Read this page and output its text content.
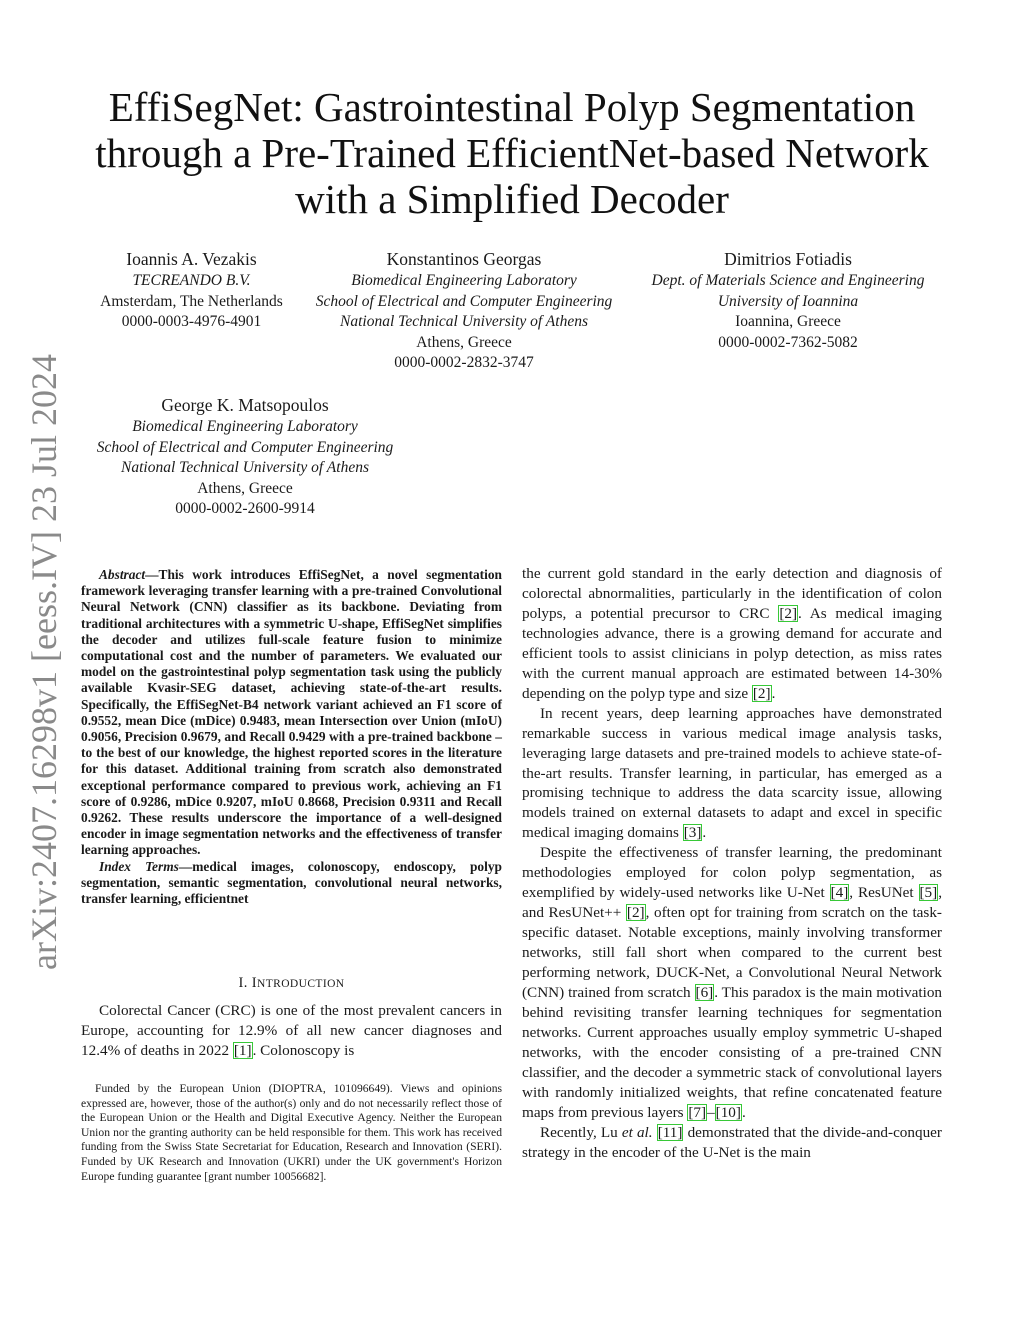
arXiv:2407.16298v1 [eess.IV] 23 Jul 2024
EffiSegNet: Gastrointestinal Polyp Segmentation
through a Pre-Trained EfficientNet-based Network
with a Simplified Decoder
Ioannis A. Vezakis
TECREANDO B.V.
Amsterdam, The Netherlands
0000-0003-4976-4901
Konstantinos Georgas
Biomedical Engineering Laboratory
School of Electrical and Computer Engineering
National Technical University of Athens
Athens, Greece
0000-0002-2832-3747
Dimitrios Fotiadis
Dept. of Materials Science and Engineering
University of Ioannina
Ioannina, Greece
0000-0002-7362-5082
George K. Matsopoulos
Biomedical Engineering Laboratory
School of Electrical and Computer Engineering
National Technical University of Athens
Athens, Greece
0000-0002-2600-9914

Abstract—This work introduces EffiSegNet, a novel segmentation framework leveraging transfer learning with a pre-trained Convolutional Neural Network (CNN) classifier as its backbone. Deviating from traditional architectures with a symmetric U-shape, EffiSegNet simplifies the decoder and utilizes full-scale feature fusion to minimize computational cost and the number of parameters. We evaluated our model on the gastrointestinal polyp segmentation task using the publicly available Kvasir-SEG dataset, achieving state-of-the-art results. Specifically, the EffiSegNet-B4 network variant achieved an F1 score of 0.9552, mean Dice (mDice) 0.9483, mean Intersection over Union (mIoU) 0.9056, Precision 0.9679, and Recall 0.9429 with a pre-trained backbone – to the best of our knowledge, the highest reported scores in the literature for this dataset. Additional training from scratch also demonstrated exceptional performance compared to previous work, achieving an F1 score of 0.9286, mDice 0.9207, mIoU 0.8668, Precision 0.9311 and Recall 0.9262. These results underscore the importance of a well-designed encoder in image segmentation networks and the effectiveness of transfer learning approaches.

Index Terms—medical images, colonoscopy, endoscopy, polyp segmentation, semantic segmentation, convolutional neural networks, transfer learning, efficientnet

I. INTRODUCTION

Colorectal Cancer (CRC) is one of the most prevalent cancers in Europe, accounting for 12.9% of all new cancer diagnoses and 12.4% of deaths in 2022 [1]. Colonoscopy is

Funded by the European Union (DIOPTRA, 101096649). Views and opinions expressed are, however, those of the author(s) only and do not necessarily reflect those of the European Union or the Health and Digital Executive Agency. Neither the European Union nor the granting authority can be held responsible for them. This work has received funding from the Swiss State Secretariat for Education, Research and Innovation (SERI). Funded by UK Research and Innovation (UKRI) under the UK government's Horizon Europe funding guarantee [grant number 10056682].

the current gold standard in the early detection and diagnosis of colorectal abnormalities, particularly in the identification of colon polyps, a potential precursor to CRC [2]. As medical imaging technologies advance, there is a growing demand for accurate and efficient tools to assist clinicians in polyp detection, as miss rates with the current manual approach are estimated between 14-30% depending on the polyp type and size [2].

In recent years, deep learning approaches have demonstrated remarkable success in various medical image analysis tasks, leveraging large datasets and pre-trained models to achieve state-of-the-art results. Transfer learning, in particular, has emerged as a promising technique to address the data scarcity issue, allowing models trained on external datasets to adapt and excel in specific medical imaging domains [3].

Despite the effectiveness of transfer learning, the predominant methodologies employed for colon polyp segmentation, as exemplified by widely-used networks like U-Net [4], ResUNet [5], and ResUNet++ [2], often opt for training from scratch on the task-specific dataset. Notable exceptions, mainly involving transformer networks, still fall short when compared to the current best performing network, DUCK-Net, a Convolutional Neural Network (CNN) trained from scratch [6]. This paradox is the main motivation behind revisiting transfer learning techniques for segmentation networks. Current approaches usually employ symmetric U-shaped networks, with the encoder consisting of a pre-trained CNN classifier, and the decoder a symmetric stack of convolutional layers with randomly initialized weights, that refine concatenated feature maps from previous layers [7]–[10].

Recently, Lu et al. [11] demonstrated that the divide-and-conquer strategy in the encoder of the U-Net is the main
